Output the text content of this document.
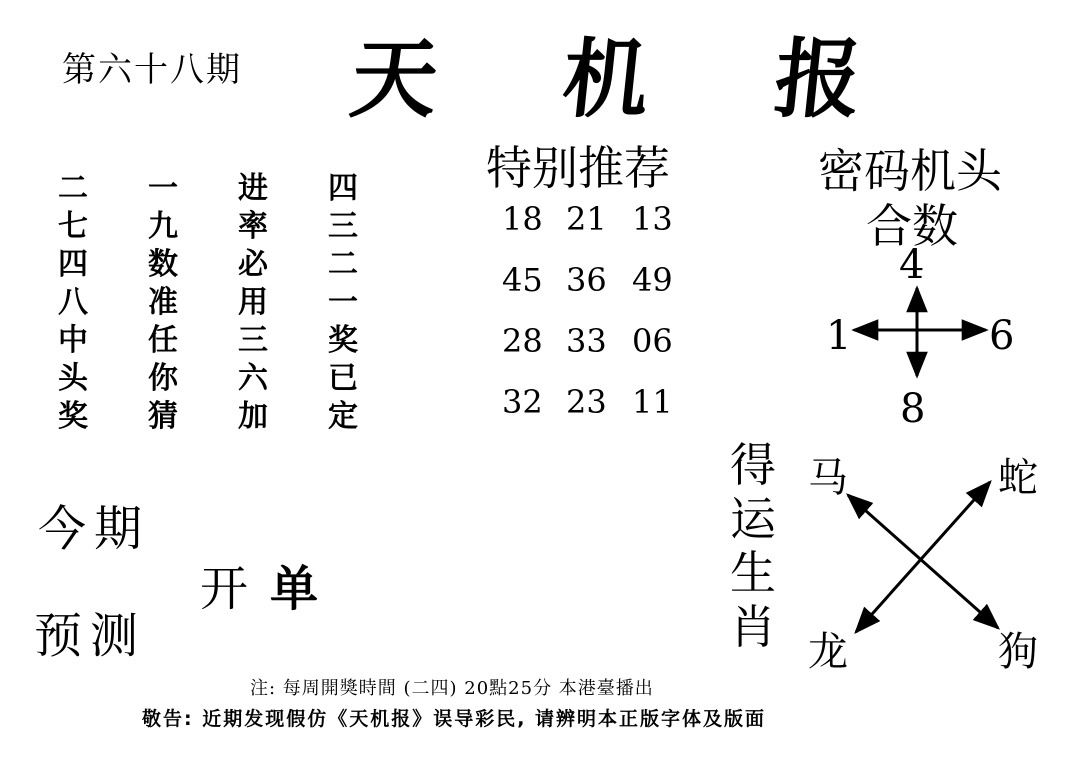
第六十八期 天 机 报
二	一	进	四
七	九	率	三
四	数	必	二
八	准	用	一
中	任	三	奖
头	你	六	已
奖	猜	加	定
特别推荐
18 21 13
45 36 49
28 33 06
32 23 11
密码机头
合数
4
1	6
8
今期
预测
开单
得
运
生
肖
马	蛇
龙	狗
注: 每周開獎時間 (二四) 20點25分 本港臺播出
敬告: 近期发现假仿《天机报》误导彩民, 请辨明本正版字体及版面
